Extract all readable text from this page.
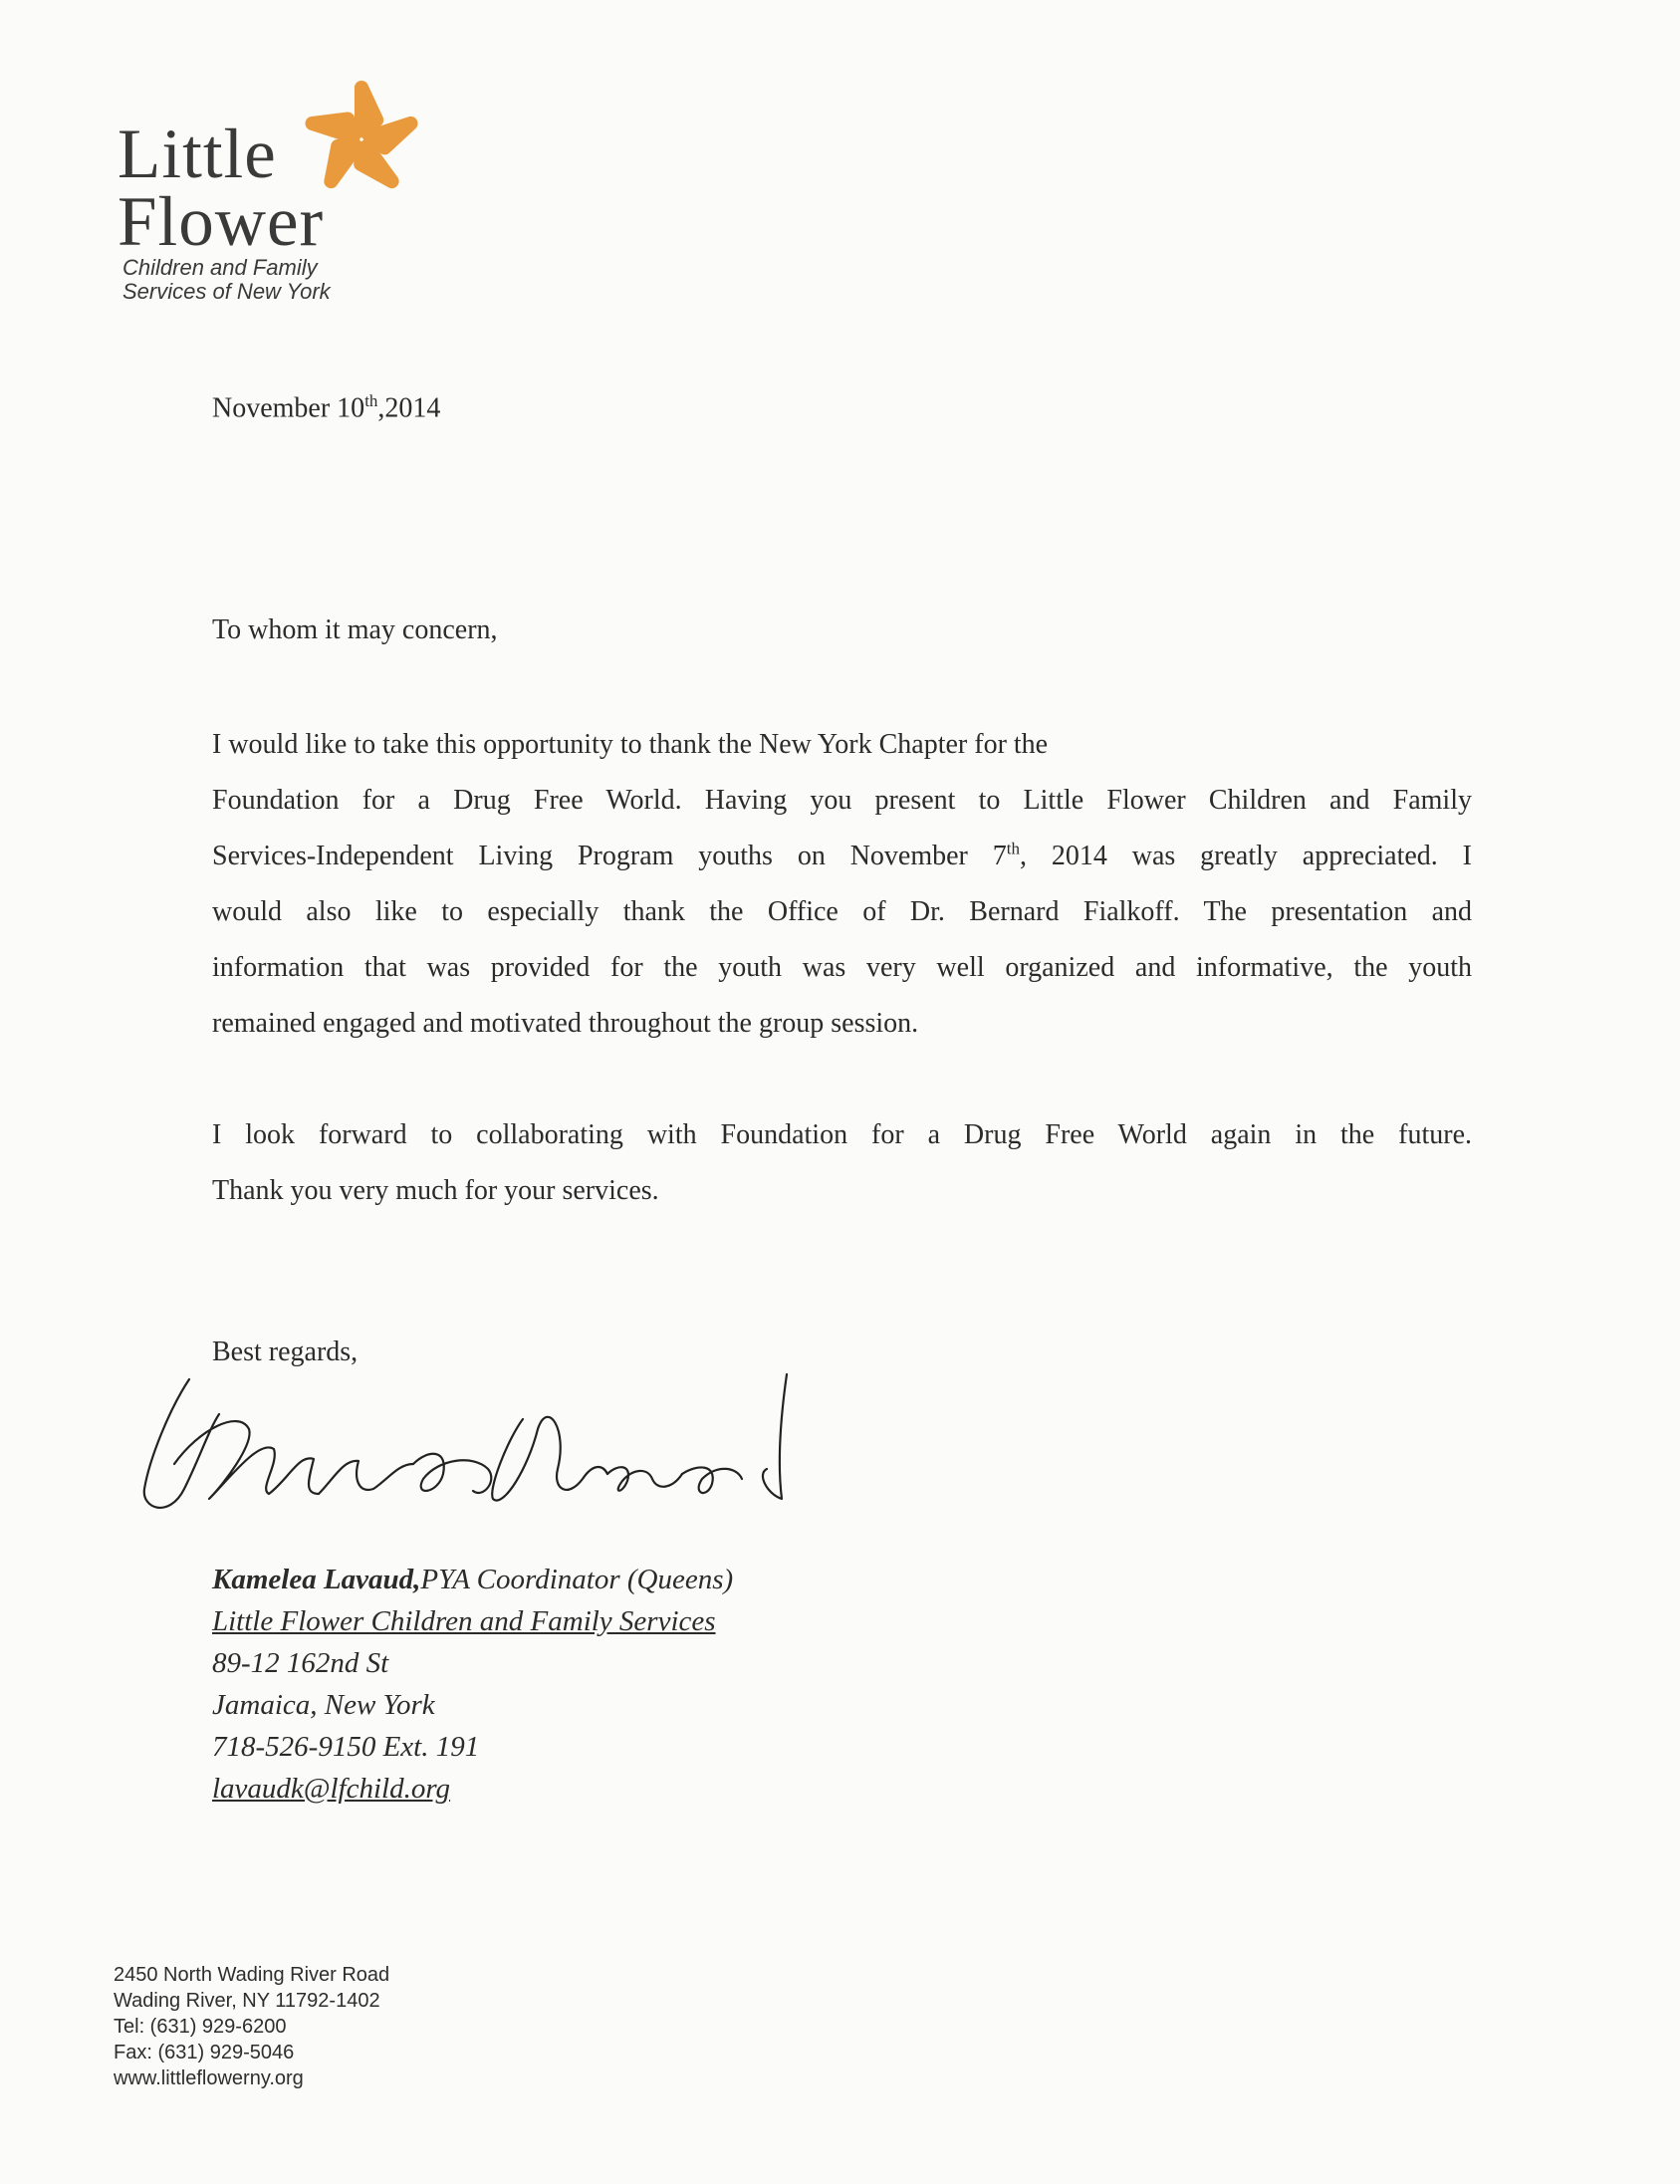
Little
Flower
Children and Family
Services of New York
November 10th,2014
To whom it may concern,
I would like to take this opportunity to thank the New York Chapter for the
Foundation for a Drug Free World. Having you present to Little Flower Children and Family
Services-Independent Living Program youths on November 7th, 2014 was greatly appreciated. I
would also like to especially thank the Office of Dr. Bernard Fialkoff. The presentation and
information that was provided for the youth was very well organized and informative, the youth
remained engaged and motivated throughout the group session.
I look forward to collaborating with Foundation for a Drug Free World again in the future.
Thank you very much for your services.
Best regards,
Kamelea Lavaud,PYA Coordinator (Queens)
Little Flower Children and Family Services
89-12 162nd St
Jamaica, New York
718-526-9150 Ext. 191
lavaudk@lfchild.org
2450 North Wading River Road
Wading River, NY 11792-1402
Tel: (631) 929-6200
Fax: (631) 929-5046
www.littleflowerny.org
